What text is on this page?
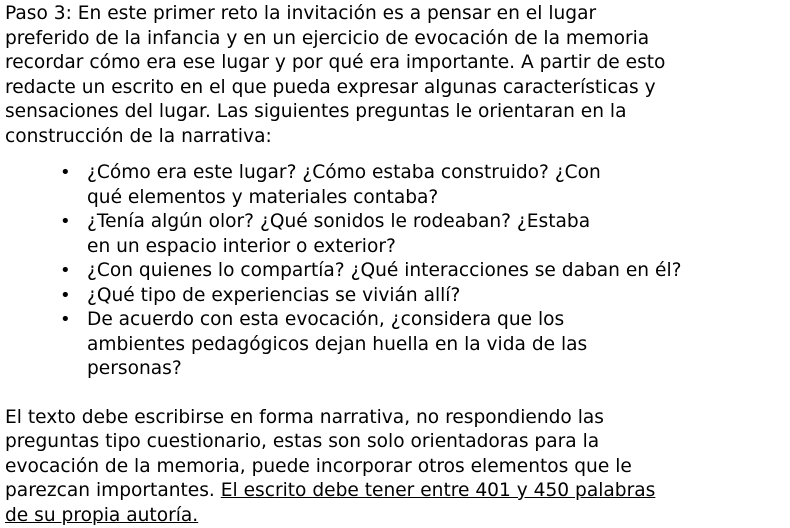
Paso 3: En este primer reto la invitación es a pensar en el lugar
preferido de la infancia y en un ejercicio de evocación de la memoria
recordar cómo era ese lugar y por qué era importante. A partir de esto
redacte un escrito en el que pueda expresar algunas características y
sensaciones del lugar. Las siguientes preguntas le orientaran en la
construcción de la narrativa:
• ¿Cómo era este lugar? ¿Cómo estaba construido? ¿Con
qué elementos y materiales contaba?
• ¿Tenía algún olor? ¿Qué sonidos le rodeaban? ¿Estaba
en un espacio interior o exterior?
• ¿Con quienes lo compartía? ¿Qué interacciones se daban en él?
• ¿Qué tipo de experiencias se vivián allí?
• De acuerdo con esta evocación, ¿considera que los
ambientes pedagógicos dejan huella en la vida de las
personas?
El texto debe escribirse en forma narrativa, no respondiendo las
preguntas tipo cuestionario, estas son solo orientadoras para la
evocación de la memoria, puede incorporar otros elementos que le
parezcan importantes. El escrito debe tener entre 401 y 450 palabras
de su propia autoría.
